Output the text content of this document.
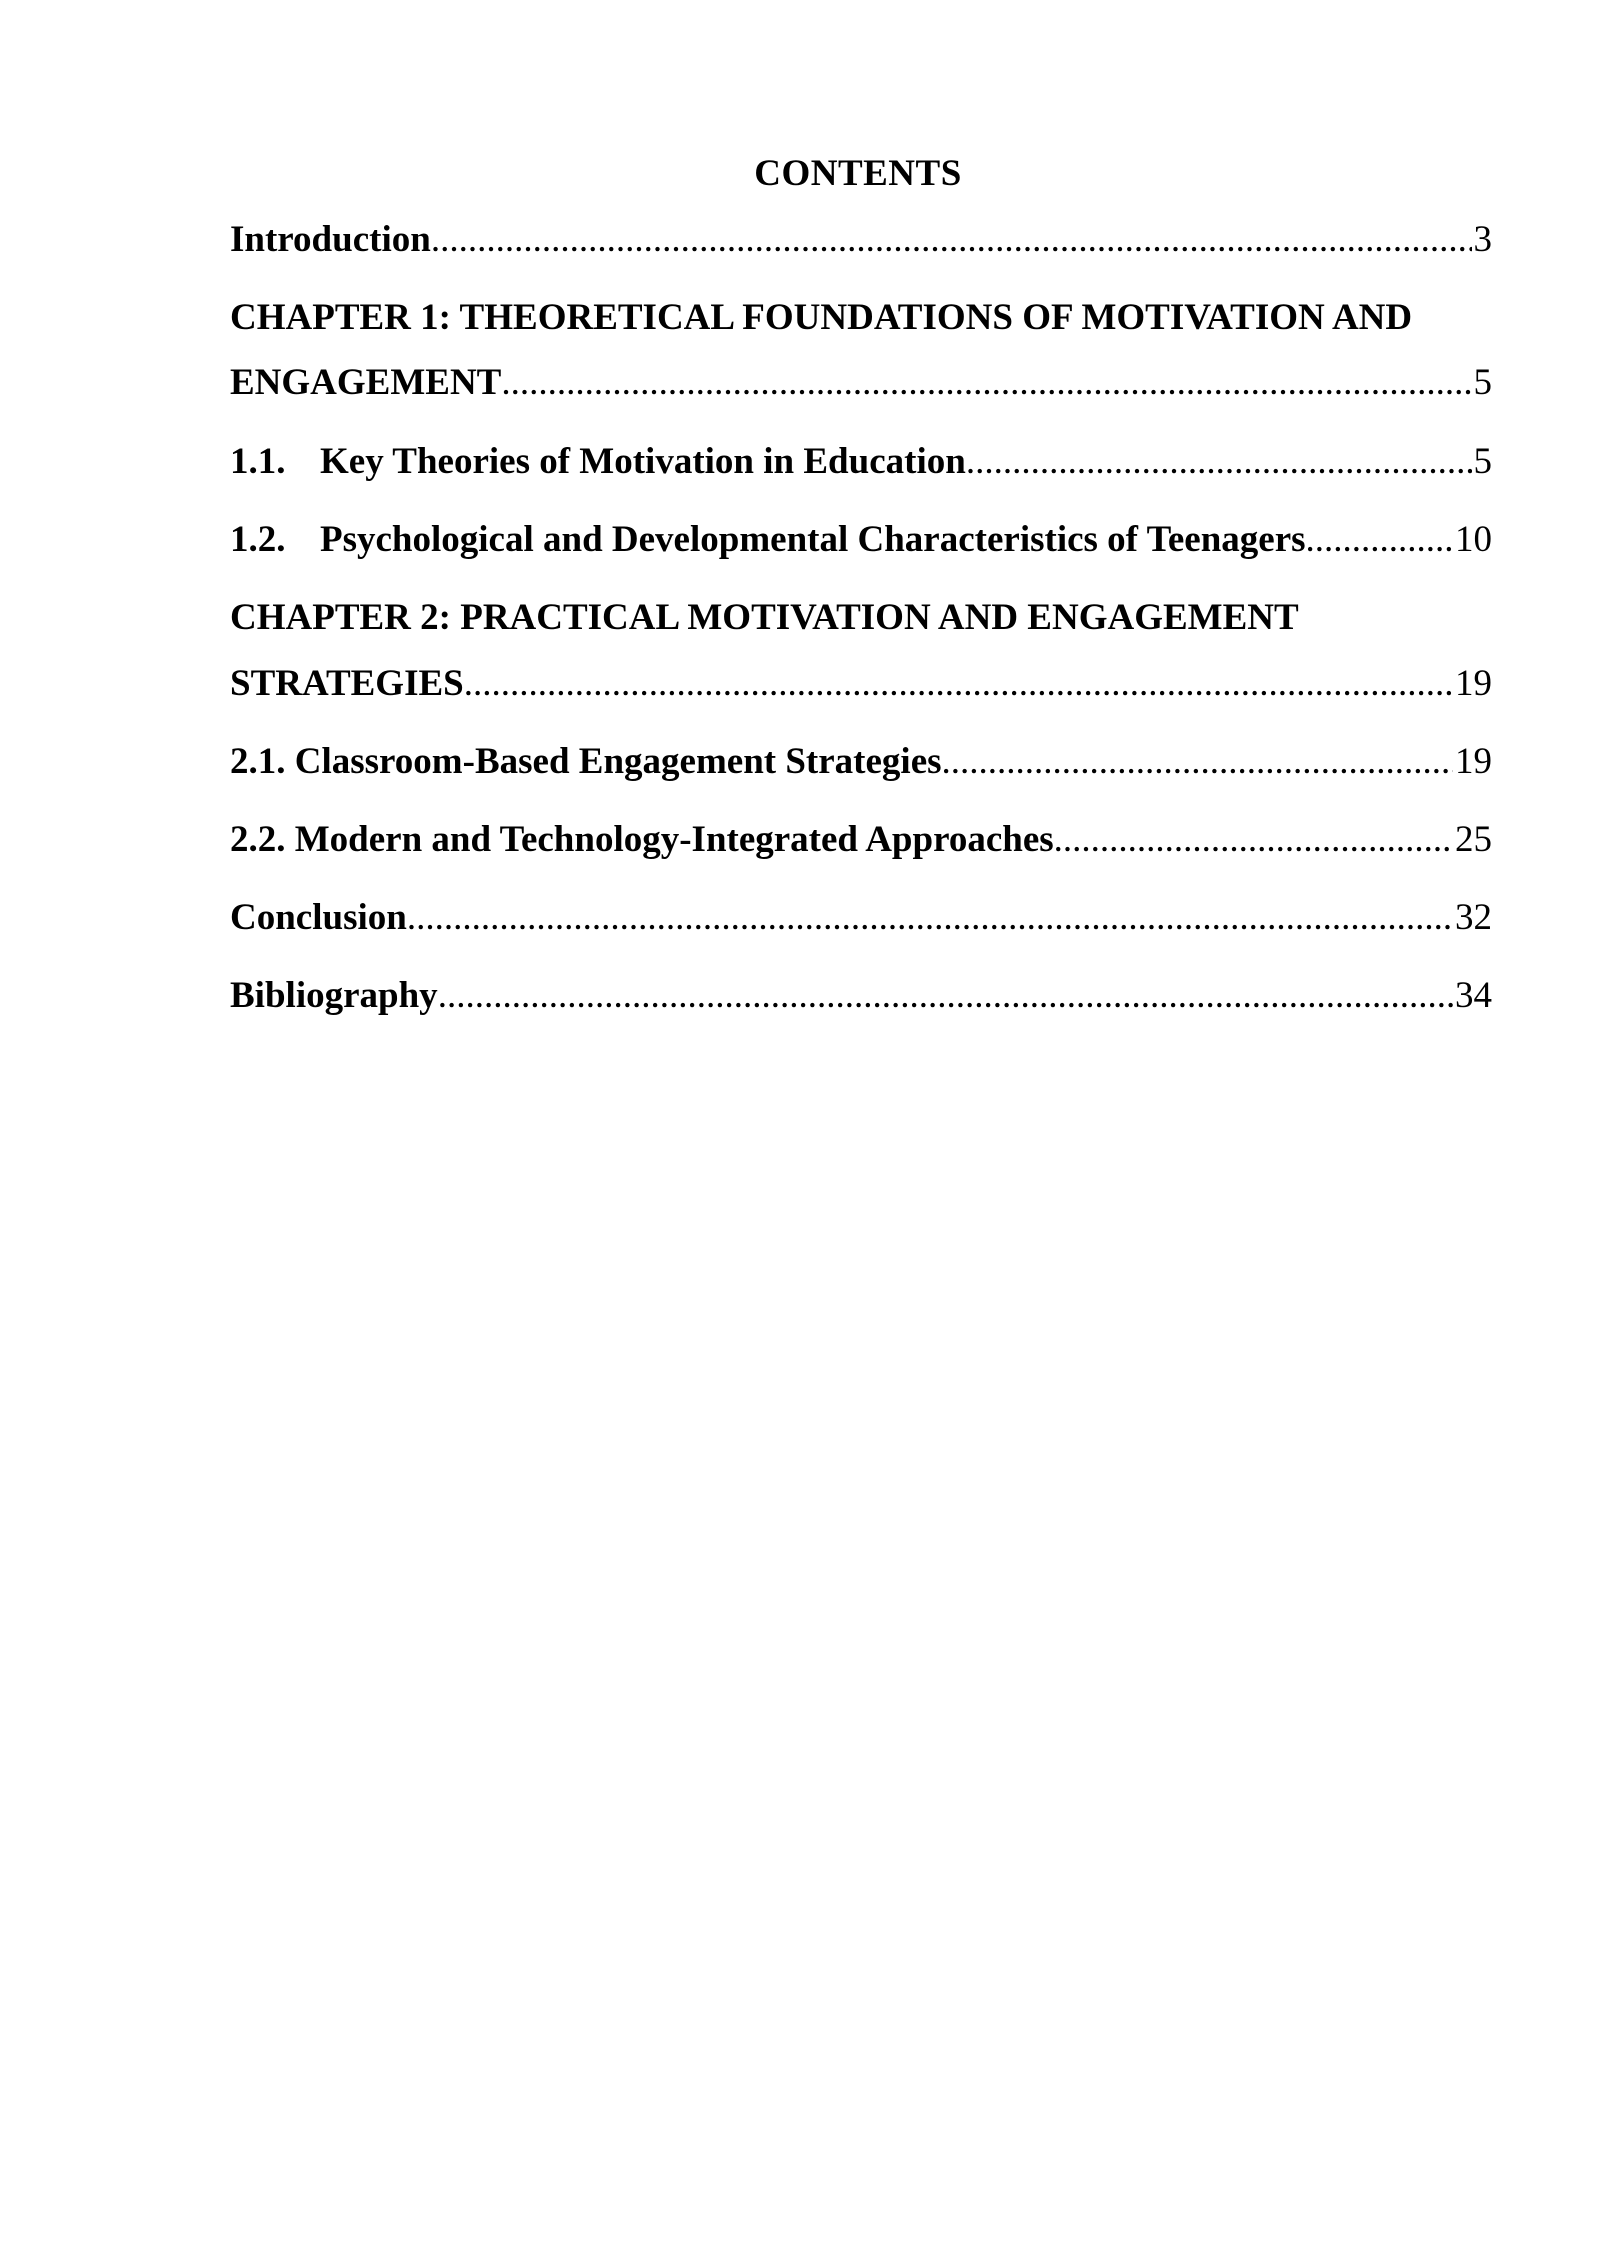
CONTENTS
Introduction .....	3
CHAPTER 1: THEORETICAL FOUNDATIONS OF MOTIVATION AND
ENGAGEMENT .....	5
1.1. Key Theories of Motivation in Education .....	5
1.2. Psychological and Developmental Characteristics of Teenagers .....	10
CHAPTER 2: PRACTICAL MOTIVATION AND ENGAGEMENT
STRATEGIES .....	19
2.1. Classroom-Based Engagement Strategies .....	19
2.2. Modern and Technology-Integrated Approaches .....	25
Conclusion .....	32
Bibliography .....	34
